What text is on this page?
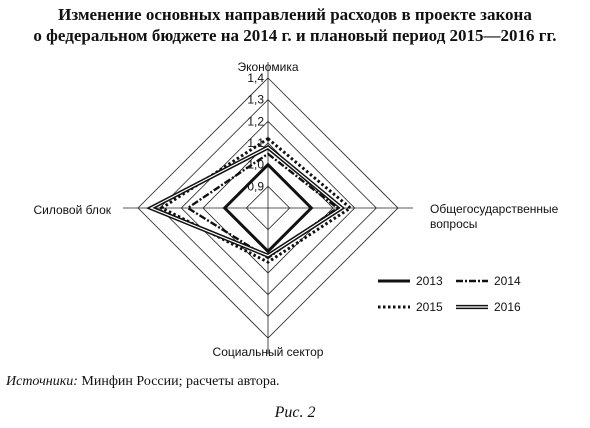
Изменение основных направлений расходов в проекте закона
о федеральном бюджете на 2014 г. и плановый период 2015—2016 гг.
0,9
1,0
1,1
1,2
1,3
1,4
Экономика
Общегосударственные
вопросы
Социальный сектор
Силовой блок
2013	2014
2015	2016
Источники: Минфин России; расчеты автора.
Рис. 2
